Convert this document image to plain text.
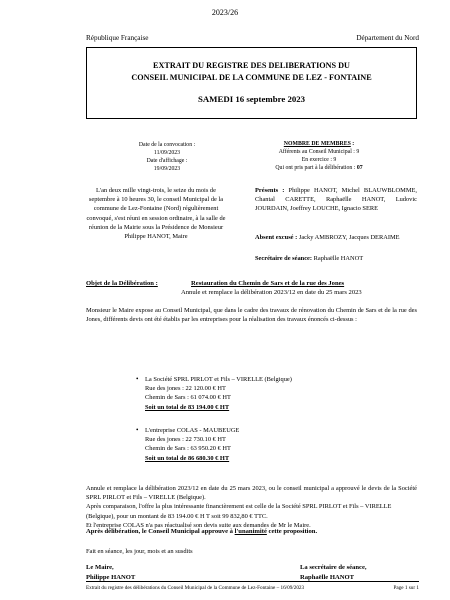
2023/26
République Française	Département du Nord
EXTRAIT DU REGISTRE DES DELIBERATIONS DU
CONSEIL MUNICIPAL DE LA COMMUNE DE LEZ - FONTAINE
SAMEDI 16 septembre 2023
Date de la convocation :
11/09/2023
Date d'affichage :
19/09/2023
NOMBRE DE MEMBRES :
Afférents au Conseil Municipal : 9
En exercice : 9
Qui ont pris part à la délibération : 07
L'an deux mille vingt-trois, le seize du mois de septembre à 10 heures 30, le conseil Municipal de la commune de Lez-Fontaine (Nord) régulièrement convoqué, s'est réuni en session ordinaire, à la salle de réunion de la Mairie sous la Présidence de Monsieur Philippe HANOT, Maire
Présents : Philippe HANOT, Michel BLAUWBLOMME, Chantal CARETTE, Raphaëlle HANOT, Ludovic JOURDAIN, Joeffrey LOUCHE, Ignacio SERE
Absent excusé : Jacky AMBROZY, Jacques DERAIME
Secrétaire de séance: Raphaëlle HANOT
Objet de la Délibération :	Restauration du Chemin de Sars et de la rue des Jones
Annule et remplace la délibération 2023/12 en date du 25 mars 2023
Monsieur le Maire expose au Conseil Municipal, que dans le cadre des travaux de rénovation du Chemin de Sars et de la rue des Jones, différents devis ont été établis par les entreprises pour la réalisation des travaux énoncés ci-dessus :
• La Société SPRL PIRLOT et Fils – VIRELLE (Belgique)
Rue des jones : 22 120.00 € HT
Chemin de Sars : 61 074.00 € HT
Soit un total de 83 194.00 € HT
• L'entreprise COLAS - MAUBEUGE
Rue des jones : 22 730.10 € HT
Chemin de Sars : 63 950.20 € HT
Soit un total de 86 680.30 € HT
Annule et remplace la délibération 2023/12 en date du 25 mars 2023, ou le conseil municipal a approuvé le devis de la Société SPRL PIRLOT et Fils – VIRELLE (Belgique).
Après comparaison, l'offre la plus intéressante financièrement est celle de la Société SPRL PIRLOT et Fils – VIRELLE (Belgique), pour un montant de 83 194.00 € H T soit 99 832,80 € TTC.
Et l'entreprise COLAS n'a pas réactualisé son devis suite aux demandes de Mr le Maire.
Après délibération, le Conseil Municipal approuve à l'unanimité cette proposition.
Fait en séance, les jour, mois et an susdits
Le Maire,
Philippe HANOT
La secrétaire de séance,
Raphaëlle HANOT
Extrait du registre des délibérations du Conseil Municipal de la Commune de Lez-Fontaine – 16/09/2023	Page 1 sur 1
